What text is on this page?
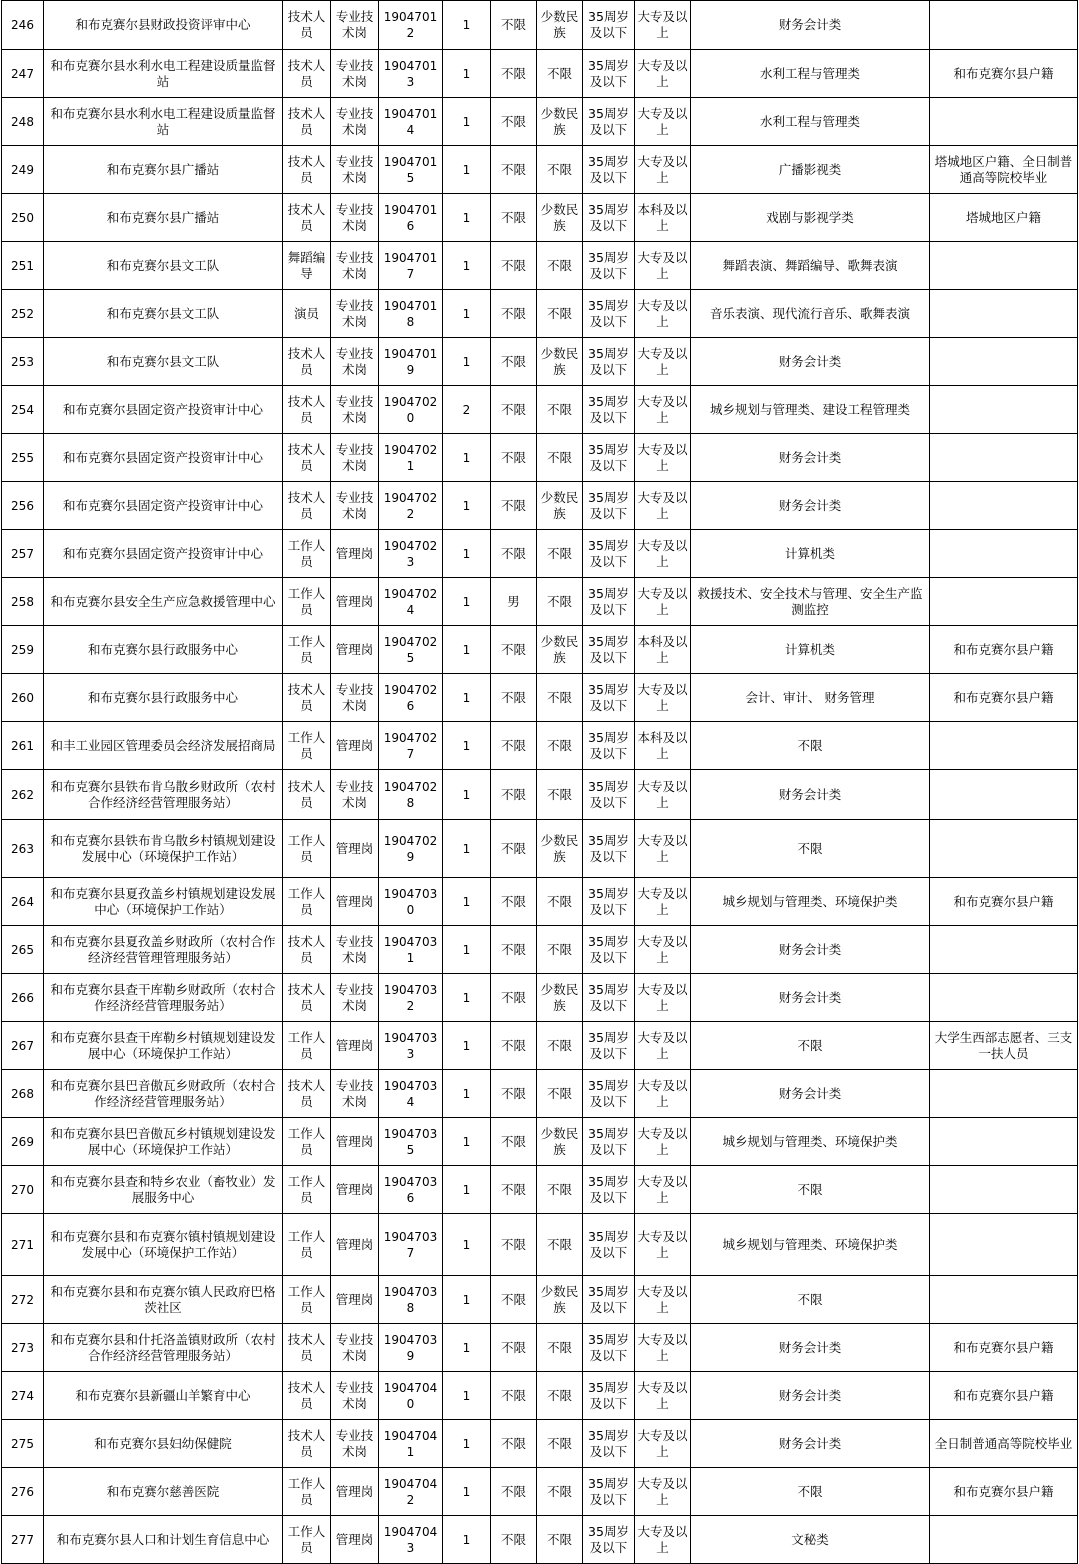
246	和布克赛尔县财政投资评审中心	技术人员	专业技术岗	19047012	1	不限	少数民族	35周岁及以下	大专及以上	财务会计类	
247	和布克赛尔县水利水电工程建设质量监督站	技术人员	专业技术岗	19047013	1	不限	不限	35周岁及以下	大专及以上	水利工程与管理类	和布克赛尔县户籍
248	和布克赛尔县水利水电工程建设质量监督站	技术人员	专业技术岗	19047014	1	不限	少数民族	35周岁及以下	大专及以上	水利工程与管理类	
249	和布克赛尔县广播站	技术人员	专业技术岗	19047015	1	不限	不限	35周岁及以下	大专及以上	广播影视类	塔城地区户籍、全日制普通高等院校毕业
250	和布克赛尔县广播站	技术人员	专业技术岗	19047016	1	不限	少数民族	35周岁及以下	本科及以上	戏剧与影视学类	塔城地区户籍
251	和布克赛尔县文工队	舞蹈编导	专业技术岗	19047017	1	不限	不限	35周岁及以下	大专及以上	舞蹈表演、舞蹈编导、歌舞表演	
252	和布克赛尔县文工队	演员	专业技术岗	19047018	1	不限	不限	35周岁及以下	大专及以上	音乐表演、现代流行音乐、歌舞表演	
253	和布克赛尔县文工队	技术人员	专业技术岗	19047019	1	不限	少数民族	35周岁及以下	大专及以上	财务会计类	
254	和布克赛尔县固定资产投资审计中心	技术人员	专业技术岗	19047020	2	不限	不限	35周岁及以下	大专及以上	城乡规划与管理类、建设工程管理类	
255	和布克赛尔县固定资产投资审计中心	技术人员	专业技术岗	19047021	1	不限	不限	35周岁及以下	大专及以上	财务会计类	
256	和布克赛尔县固定资产投资审计中心	技术人员	专业技术岗	19047022	1	不限	少数民族	35周岁及以下	大专及以上	财务会计类	
257	和布克赛尔县固定资产投资审计中心	工作人员	管理岗	19047023	1	不限	不限	35周岁及以下	大专及以上	计算机类	
258	和布克赛尔县安全生产应急救援管理中心	工作人员	管理岗	19047024	1	男	不限	35周岁及以下	大专及以上	救援技术、安全技术与管理、安全生产监测监控	
259	和布克赛尔县行政服务中心	工作人员	管理岗	19047025	1	不限	少数民族	35周岁及以下	本科及以上	计算机类	和布克赛尔县户籍
260	和布克赛尔县行政服务中心	技术人员	专业技术岗	19047026	1	不限	不限	35周岁及以下	大专及以上	会计、审计、 财务管理	和布克赛尔县户籍
261	和丰工业园区管理委员会经济发展招商局	工作人员	管理岗	19047027	1	不限	不限	35周岁及以下	本科及以上	不限	
262	和布克赛尔县铁布肯乌散乡财政所（农村合作经济经营管理服务站）	技术人员	专业技术岗	19047028	1	不限	不限	35周岁及以下	大专及以上	财务会计类	
263	和布克赛尔县铁布肯乌散乡村镇规划建设发展中心（环境保护工作站）	工作人员	管理岗	19047029	1	不限	少数民族	35周岁及以下	大专及以上	不限	
264	和布克赛尔县夏孜盖乡村镇规划建设发展中心（环境保护工作站）	工作人员	管理岗	19047030	1	不限	不限	35周岁及以下	大专及以上	城乡规划与管理类、环境保护类	和布克赛尔县户籍
265	和布克赛尔县夏孜盖乡财政所（农村合作经济经营管理管理服务站）	技术人员	专业技术岗	19047031	1	不限	不限	35周岁及以下	大专及以上	财务会计类	
266	和布克赛尔县查干库勒乡财政所（农村合作经济经营管理服务站）	技术人员	专业技术岗	19047032	1	不限	少数民族	35周岁及以下	大专及以上	财务会计类	
267	和布克赛尔县查干库勒乡村镇规划建设发展中心（环境保护工作站）	工作人员	管理岗	19047033	1	不限	不限	35周岁及以下	大专及以上	不限	大学生西部志愿者、三支一扶人员
268	和布克赛尔县巴音傲瓦乡财政所（农村合作经济经营管理服务站）	技术人员	专业技术岗	19047034	1	不限	不限	35周岁及以下	大专及以上	财务会计类	
269	和布克赛尔县巴音傲瓦乡村镇规划建设发展中心（环境保护工作站）	工作人员	管理岗	19047035	1	不限	少数民族	35周岁及以下	大专及以上	城乡规划与管理类、环境保护类	
270	和布克赛尔县查和特乡农业（畜牧业）发展服务中心	工作人员	管理岗	19047036	1	不限	不限	35周岁及以下	大专及以上	不限	
271	和布克赛尔县和布克赛尔镇村镇规划建设发展中心（环境保护工作站）	工作人员	管理岗	19047037	1	不限	不限	35周岁及以下	大专及以上	城乡规划与管理类、环境保护类	
272	和布克赛尔县和布克赛尔镇人民政府巴格茨社区	工作人员	管理岗	19047038	1	不限	少数民族	35周岁及以下	大专及以上	不限	
273	和布克赛尔县和什托洛盖镇财政所（农村合作经济经营管理服务站）	技术人员	专业技术岗	19047039	1	不限	不限	35周岁及以下	大专及以上	财务会计类	和布克赛尔县户籍
274	和布克赛尔县新疆山羊繁育中心	技术人员	专业技术岗	19047040	1	不限	不限	35周岁及以下	大专及以上	财务会计类	和布克赛尔县户籍
275	和布克赛尔县妇幼保健院	技术人员	专业技术岗	19047041	1	不限	不限	35周岁及以下	大专及以上	财务会计类	全日制普通高等院校毕业
276	和布克赛尔慈善医院	工作人员	管理岗	19047042	1	不限	不限	35周岁及以下	大专及以上	不限	和布克赛尔县户籍
277	和布克赛尔县人口和计划生育信息中心	工作人员	管理岗	19047043	1	不限	不限	35周岁及以下	大专及以上	文秘类	
